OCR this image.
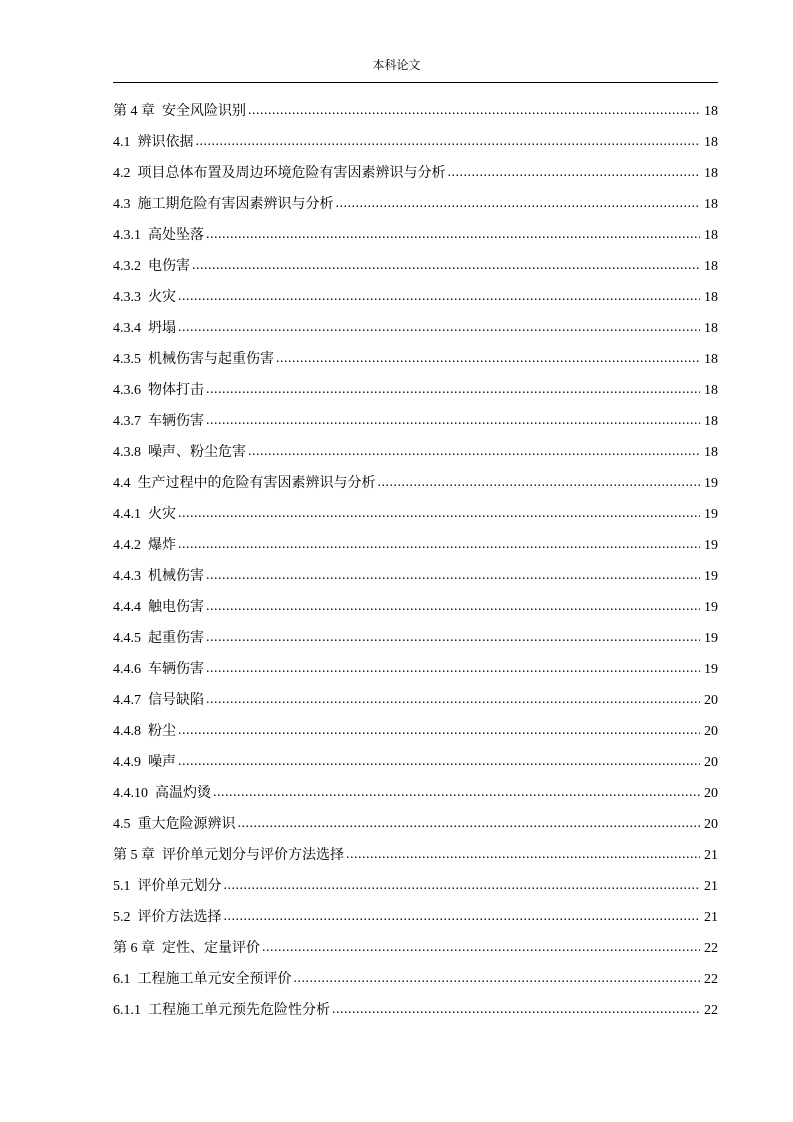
本科论文
第 4 章 安全风险识别 .....	18
4.1 辨识依据 .....	18
4.2 项目总体布置及周边环境危险有害因素辨识与分析 .....	18
4.3 施工期危险有害因素辨识与分析 .....	18
4.3.1 高处坠落 .....	18
4.3.2 电伤害 .....	18
4.3.3 火灾 .....	18
4.3.4 坍塌 .....	18
4.3.5 机械伤害与起重伤害 .....	18
4.3.6 物体打击 .....	18
4.3.7 车辆伤害 .....	18
4.3.8 噪声、粉尘危害 .....	18
4.4 生产过程中的危险有害因素辨识与分析 .....	19
4.4.1 火灾 .....	19
4.4.2 爆炸 .....	19
4.4.3 机械伤害 .....	19
4.4.4 触电伤害 .....	19
4.4.5 起重伤害 .....	19
4.4.6 车辆伤害 .....	19
4.4.7 信号缺陷 .....	20
4.4.8 粉尘 .....	20
4.4.9 噪声 .....	20
4.4.10 高温灼烫 .....	20
4.5 重大危险源辨识 .....	20
第 5 章 评价单元划分与评价方法选择 .....	21
5.1 评价单元划分 .....	21
5.2 评价方法选择 .....	21
第 6 章 定性、定量评价 .....	22
6.1 工程施工单元安全预评价 .....	22
6.1.1 工程施工单元预先危险性分析 .....	22
